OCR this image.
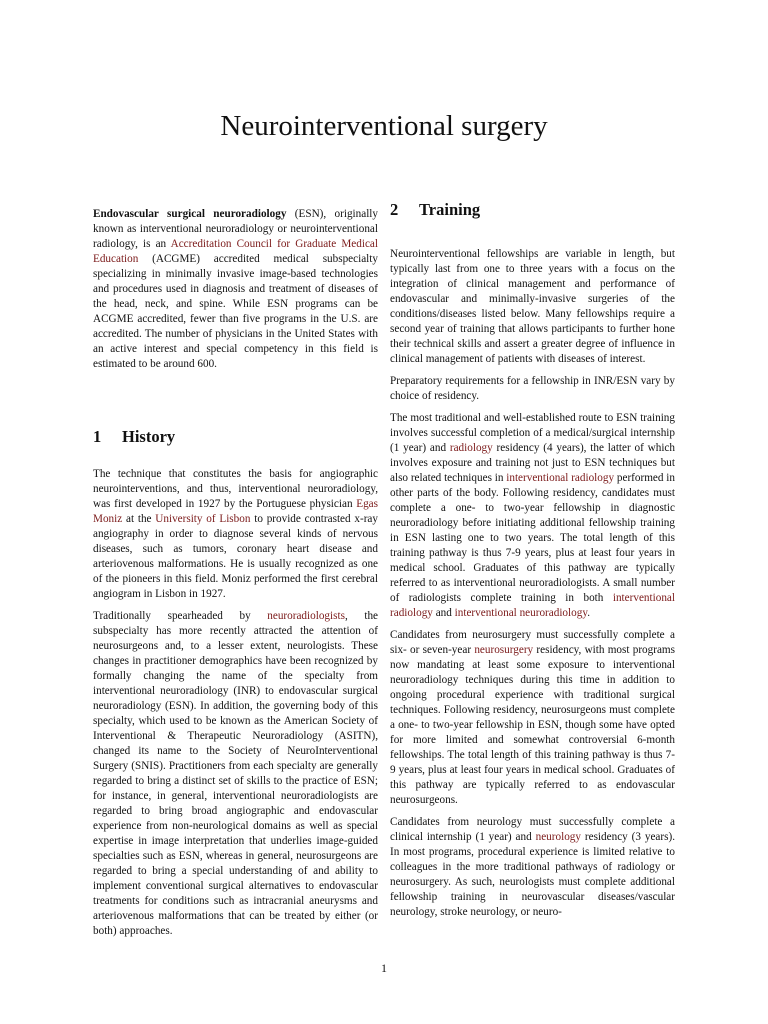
Neurointerventional surgery

Endovascular surgical neuroradiology (ESN), originally known as interventional neuroradiology or neurointerventional radiology, is an Accreditation Council for Graduate Medical Education (ACGME) accredited medical subspecialty specializing in minimally invasive image-based technologies and procedures used in diagnosis and treatment of diseases of the head, neck, and spine. While ESN programs can be ACGME accredited, fewer than five programs in the U.S. are accredited. The number of physicians in the United States with an active interest and special competency in this field is estimated to be around 600.

1 History

The technique that constitutes the basis for angiographic neurointerventions, and thus, interventional neuroradiology, was first developed in 1927 by the Portuguese physician Egas Moniz at the University of Lisbon to provide contrasted x-ray angiography in order to diagnose several kinds of nervous diseases, such as tumors, coronary heart disease and arteriovenous malformations. He is usually recognized as one of the pioneers in this field. Moniz performed the first cerebral angiogram in Lisbon in 1927.

Traditionally spearheaded by neuroradiologists, the subspecialty has more recently attracted the attention of neurosurgeons and, to a lesser extent, neurologists. These changes in practitioner demographics have been recognized by formally changing the name of the specialty from interventional neuroradiology (INR) to endovascular surgical neuroradiology (ESN). In addition, the governing body of this specialty, which used to be known as the American Society of Interventional & Therapeutic Neuroradiology (ASITN), changed its name to the Society of NeuroInterventional Surgery (SNIS). Practitioners from each specialty are generally regarded to bring a distinct set of skills to the practice of ESN; for instance, in general, interventional neuroradiologists are regarded to bring broad angiographic and endovascular experience from non-neurological domains as well as special expertise in image interpretation that underlies image-guided specialties such as ESN, whereas in general, neurosurgeons are regarded to bring a special understanding of and ability to implement conventional surgical alternatives to endovascular treatments for conditions such as intracranial aneurysms and arteriovenous malformations that can be treated by either (or both) approaches.

2 Training

Neurointerventional fellowships are variable in length, but typically last from one to three years with a focus on the integration of clinical management and performance of endovascular and minimally-invasive surgeries of the conditions/diseases listed below. Many fellowships require a second year of training that allows participants to further hone their technical skills and assert a greater degree of influence in clinical management of patients with diseases of interest.

Preparatory requirements for a fellowship in INR/ESN vary by choice of residency.

The most traditional and well-established route to ESN training involves successful completion of a medical/surgical internship (1 year) and radiology residency (4 years), the latter of which involves exposure and training not just to ESN techniques but also related techniques in interventional radiology performed in other parts of the body. Following residency, candidates must complete a one- to two-year fellowship in diagnostic neuroradiology before initiating additional fellowship training in ESN lasting one to two years. The total length of this training pathway is thus 7-9 years, plus at least four years in medical school. Graduates of this pathway are typically referred to as interventional neuroradiologists. A small number of radiologists complete training in both interventional radiology and interventional neuroradiology.

Candidates from neurosurgery must successfully complete a six- or seven-year neurosurgery residency, with most programs now mandating at least some exposure to interventional neuroradiology techniques during this time in addition to ongoing procedural experience with traditional surgical techniques. Following residency, neurosurgeons must complete a one- to two-year fellowship in ESN, though some have opted for more limited and somewhat controversial 6-month fellowships. The total length of this training pathway is thus 7-9 years, plus at least four years in medical school. Graduates of this pathway are typically referred to as endovascular neurosurgeons.

Candidates from neurology must successfully complete a clinical internship (1 year) and neurology residency (3 years). In most programs, procedural experience is limited relative to colleagues in the more traditional pathways of radiology or neurosurgery. As such, neurologists must complete additional fellowship training in neurovascular diseases/vascular neurology, stroke neurology, or neuro-

1
